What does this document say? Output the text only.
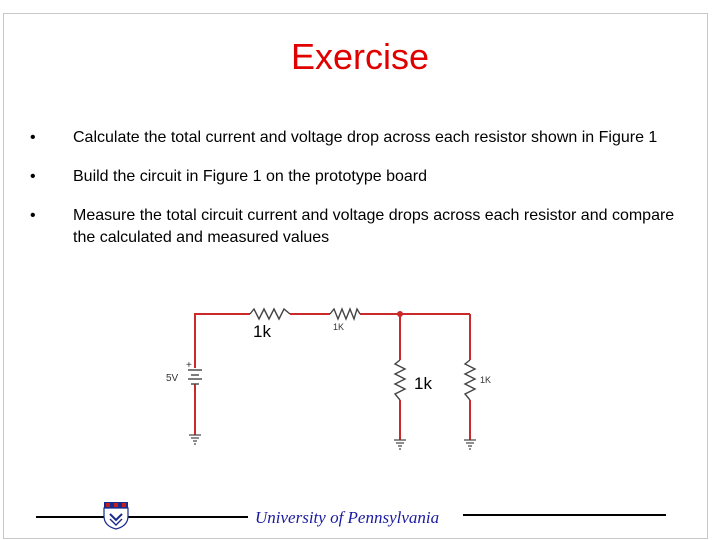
Exercise
• Calculate the total current and voltage drop across each resistor shown in Figure 1
• Build the circuit in Figure 1 on the prototype board
• Measure the total circuit current and voltage drops across each resistor and compare the calculated and measured values
+
5V
1k	1K
1k	1K
University of Pennsylvania
